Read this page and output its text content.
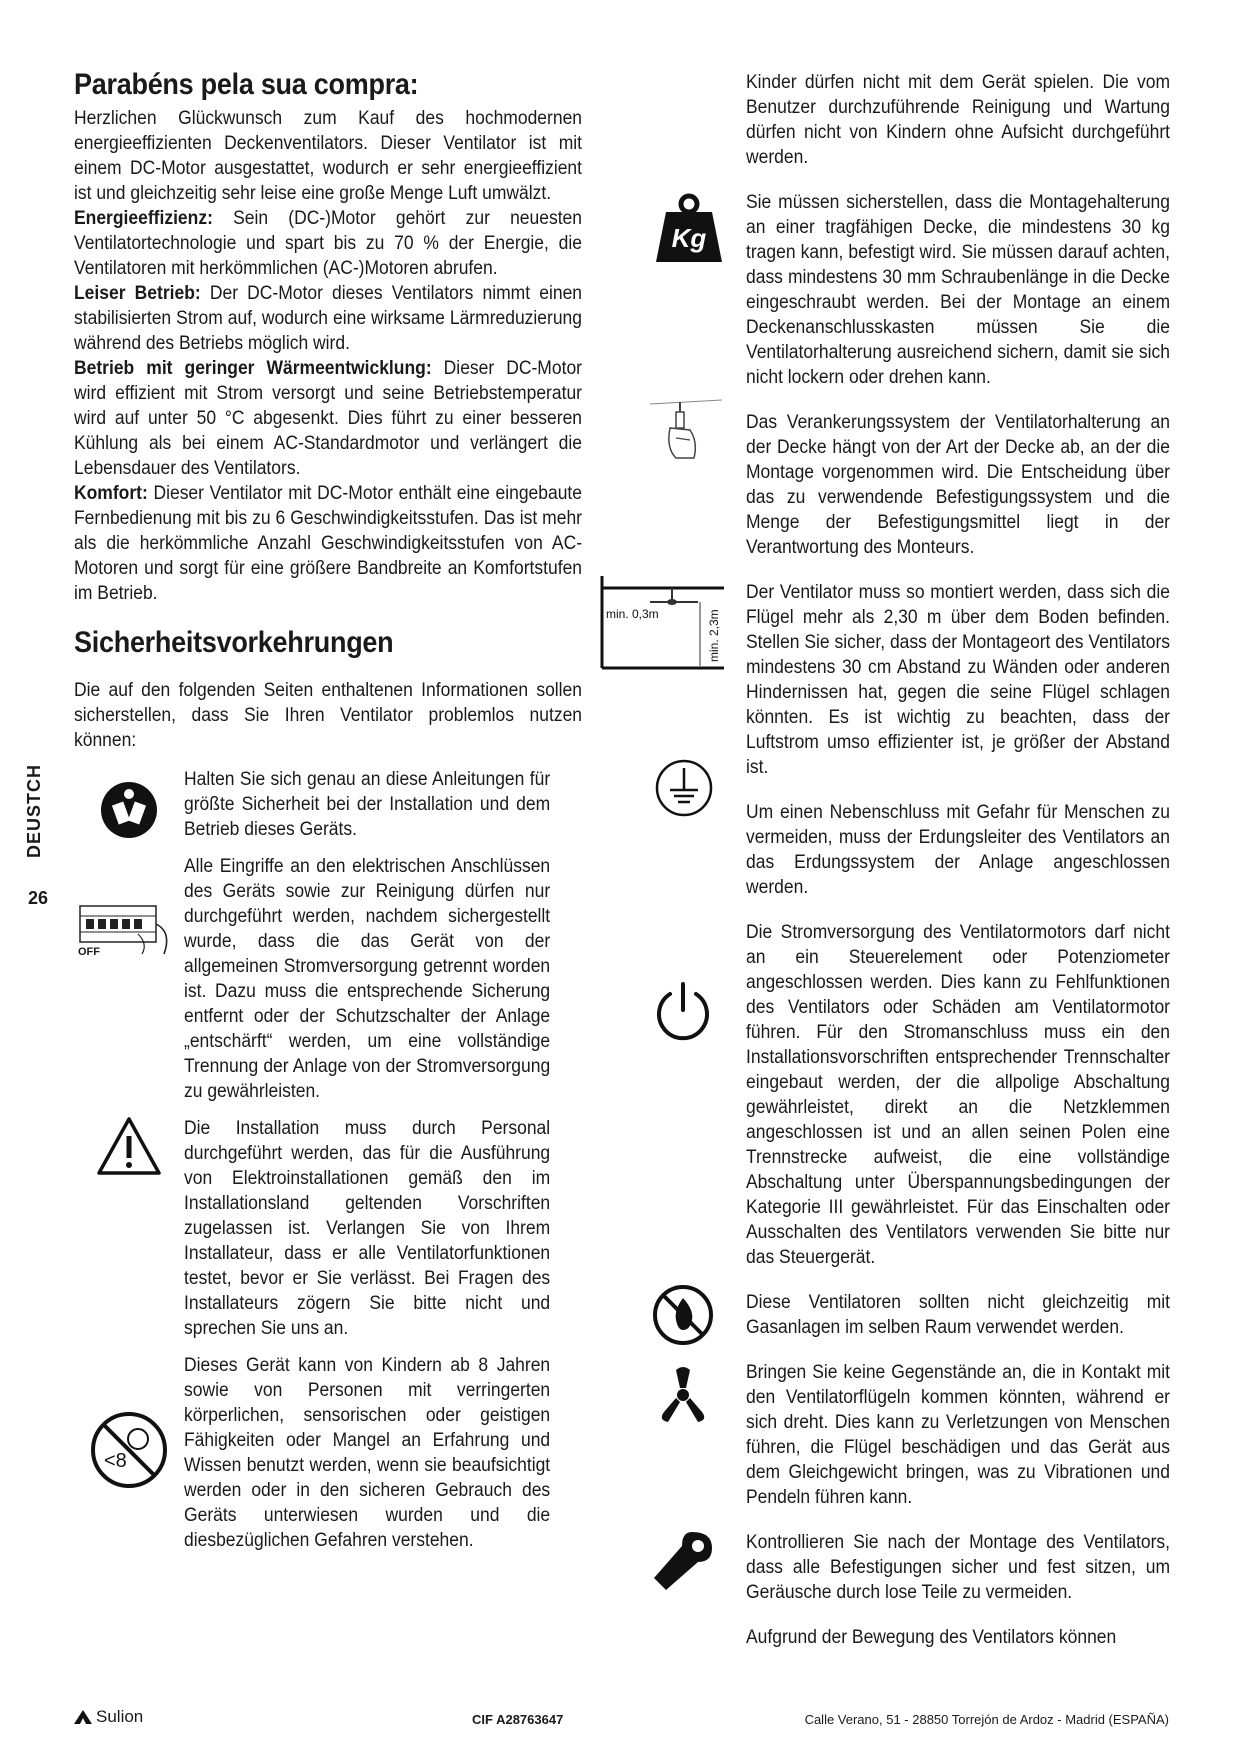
DEUSTCH
26
Parabéns pela sua compra:

Herzlichen Glückwunsch zum Kauf des hochmodernen energieeffizienten Deckenventilators. Dieser Ventilator ist mit einem DC-Motor ausgestattet, wodurch er sehr energieeffizient ist und gleichzeitig sehr leise eine große Menge Luft umwälzt.

Energieeffizienz: Sein (DC-)Motor gehört zur neuesten Ventilatortechnologie und spart bis zu 70 % der Energie, die Ventilatoren mit herkömmlichen (AC-)Motoren abrufen.

Leiser Betrieb: Der DC-Motor dieses Ventilators nimmt einen stabilisierten Strom auf, wodurch eine wirksame Lärmreduzierung während des Betriebs möglich wird.

Betrieb mit geringer Wärmeentwicklung: Dieser DC-Motor wird effizient mit Strom versorgt und seine Betriebstemperatur wird auf unter 50 °C abgesenkt. Dies führt zu einer besseren Kühlung als bei einem AC-Standardmotor und verlängert die Lebensdauer des Ventilators.

Komfort: Dieser Ventilator mit DC-Motor enthält eine eingebaute Fernbedienung mit bis zu 6 Geschwindigkeitsstufen. Das ist mehr als die herkömmliche Anzahl Geschwindigkeitsstufen von AC-Motoren und sorgt für eine größere Bandbreite an Komfortstufen im Betrieb.

Sicherheitsvorkehrungen
Die auf den folgenden Seiten enthaltenen Informationen sollen sicherstellen, dass Sie Ihren Ventilator problemlos nutzen können:
Halten Sie sich genau an diese Anleitungen für größte Sicherheit bei der Installation und dem Betrieb dieses Geräts.
OFF
Alle Eingriffe an den elektrischen Anschlüssen des Geräts sowie zur Reinigung dürfen nur durchgeführt werden, nachdem sichergestellt wurde, dass die das Gerät von der allgemeinen Stromversorgung getrennt worden ist. Dazu muss die entsprechende Sicherung entfernt oder der Schutzschalter der Anlage „entschärft“ werden, um eine vollständige Trennung der Anlage von der Stromversorgung zu gewährleisten.
Die Installation muss durch Personal durchgeführt werden, das für die Ausführung von Elektroinstallationen gemäß den im Installationsland geltenden Vorschriften zugelassen ist. Verlangen Sie von Ihrem Installateur, dass er alle Ventilatorfunktionen testet, bevor er Sie verlässt. Bei Fragen des Installateurs zögern Sie bitte nicht und sprechen Sie uns an.
<8
Dieses Gerät kann von Kindern ab 8 Jahren sowie von Personen mit verringerten körperlichen, sensorischen oder geistigen Fähigkeiten oder Mangel an Erfahrung und Wissen benutzt werden, wenn sie beaufsichtigt werden oder in den sicheren Gebrauch des Geräts unterwiesen wurden und die diesbezüglichen Gefahren verstehen.
Kinder dürfen nicht mit dem Gerät spielen. Die vom Benutzer durchzuführende Reinigung und Wartung dürfen nicht von Kindern ohne Aufsicht durchgeführt werden.
Kg
Sie müssen sicherstellen, dass die Montagehalterung an einer tragfähigen Decke, die mindestens 30 kg tragen kann, befestigt wird. Sie müssen darauf achten, dass mindestens 30 mm Schraubenlänge in die Decke eingeschraubt werden. Bei der Montage an einem Deckenanschlusskasten müssen Sie die Ventilatorhalterung ausreichend sichern, damit sie sich nicht lockern oder drehen kann.
Das Verankerungssystem der Ventilatorhalterung an der Decke hängt von der Art der Decke ab, an der die Montage vorgenommen wird. Die Entscheidung über das zu verwendende Befestigungssystem und die Menge der Befestigungsmittel liegt in der Verantwortung des Monteurs.
min. 0,3m	min. 2,3m
Der Ventilator muss so montiert werden, dass sich die Flügel mehr als 2,30 m über dem Boden befinden. Stellen Sie sicher, dass der Montageort des Ventilators mindestens 30 cm Abstand zu Wänden oder anderen Hindernissen hat, gegen die seine Flügel schlagen könnten. Es ist wichtig zu beachten, dass der Luftstrom umso effizienter ist, je größer der Abstand ist.
Um einen Nebenschluss mit Gefahr für Menschen zu vermeiden, muss der Erdungsleiter des Ventilators an das Erdungssystem der Anlage angeschlossen werden.
Die Stromversorgung des Ventilatormotors darf nicht an ein Steuerelement oder Potenziometer angeschlossen werden. Dies kann zu Fehlfunktionen des Ventilators oder Schäden am Ventilatormotor führen. Für den Stromanschluss muss ein den Installationsvorschriften entsprechender Trennschalter eingebaut werden, der die allpolige Abschaltung gewährleistet, direkt an die Netzklemmen angeschlossen ist und an allen seinen Polen eine Trennstrecke aufweist, die eine vollständige Abschaltung unter Überspannungsbedingungen der Kategorie III gewährleistet. Für das Einschalten oder Ausschalten des Ventilators verwenden Sie bitte nur das Steuergerät.
Diese Ventilatoren sollten nicht gleichzeitig mit Gasanlagen im selben Raum verwendet werden.
Bringen Sie keine Gegenstände an, die in Kontakt mit den Ventilatorflügeln kommen könnten, während er sich dreht. Dies kann zu Verletzungen von Menschen führen, die Flügel beschädigen und das Gerät aus dem Gleichgewicht bringen, was zu Vibrationen und Pendeln führen kann.
Kontrollieren Sie nach der Montage des Ventilators, dass alle Befestigungen sicher und fest sitzen, um Geräusche durch lose Teile zu vermeiden.
Aufgrund der Bewegung des Ventilators können
Sulion	CIF A28763647	Calle Verano, 51 - 28850 Torrejón de Ardoz - Madrid (ESPAÑA)
